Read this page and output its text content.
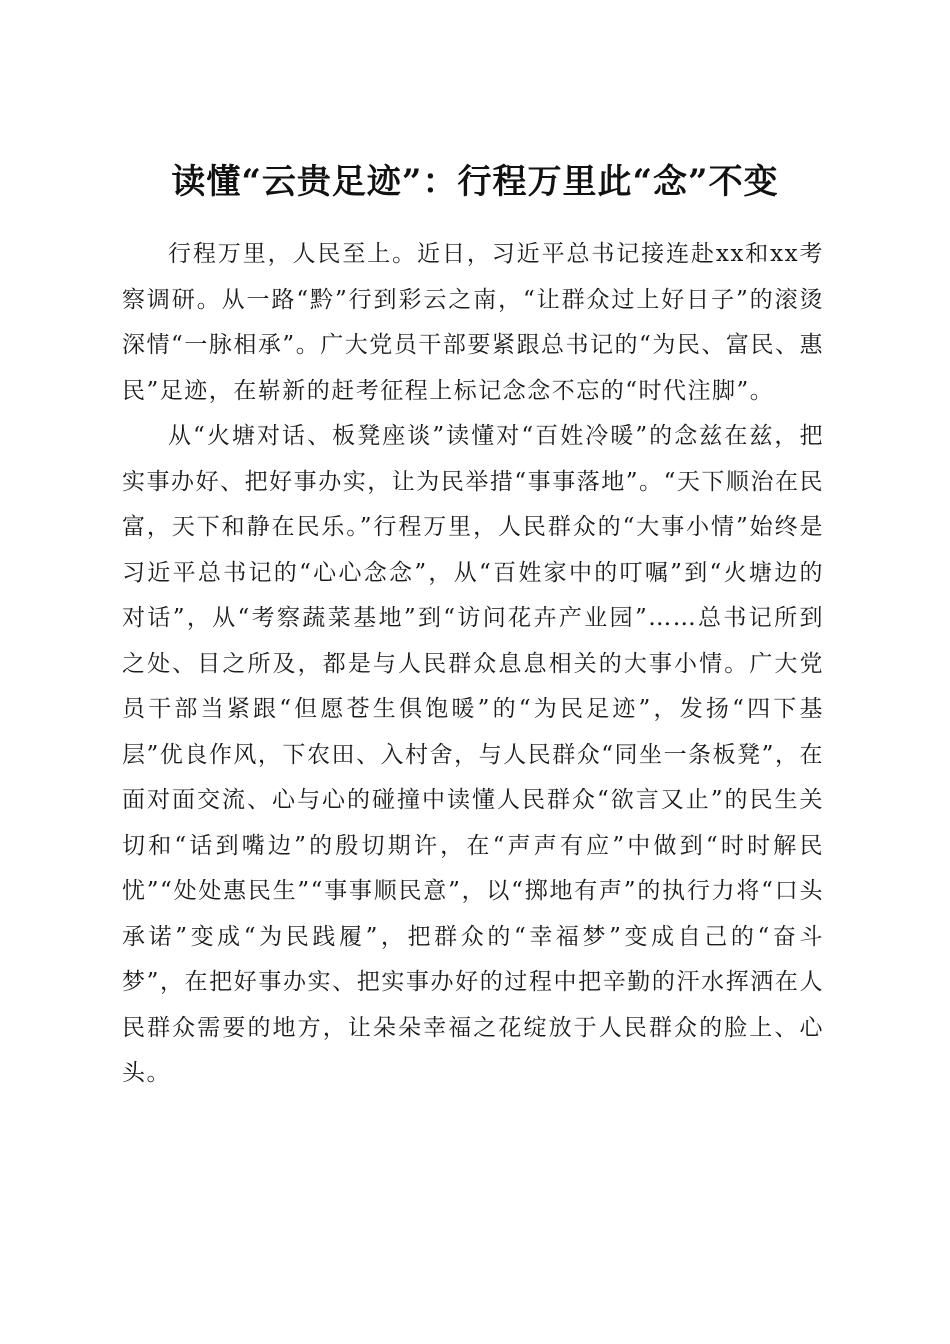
读懂“云贵足迹”：行程万里此“念”不变

行程万里，人民至上。近日，习近平总书记接连赴xx和xx考察调研。从一路“黔”行到彩云之南，“让群众过上好日子”的滚烫深情“一脉相承”。广大党员干部要紧跟总书记的“为民、富民、惠民”足迹，在崭新的赶考征程上标记念念不忘的“时代注脚”。

从“火塘对话、板凳座谈”读懂对“百姓冷暖”的念兹在兹，把实事办好、把好事办实，让为民举措“事事落地”。“天下顺治在民富，天下和静在民乐。”行程万里，人民群众的“大事小情”始终是习近平总书记的“心心念念”，从“百姓家中的叮嘱”到“火塘边的对话”，从“考察蔬菜基地”到“访问花卉产业园”……总书记所到之处、目之所及，都是与人民群众息息相关的大事小情。广大党员干部当紧跟“但愿苍生俱饱暖”的“为民足迹”，发扬“四下基层”优良作风，下农田、入村舍，与人民群众“同坐一条板凳”，在面对面交流、心与心的碰撞中读懂人民群众“欲言又止”的民生关切和“话到嘴边”的殷切期许，在“声声有应”中做到“时时解民忧”“处处惠民生”“事事顺民意”，以“掷地有声”的执行力将“口头承诺”变成“为民践履”，把群众的“幸福梦”变成自己的“奋斗梦”，在把好事办实、把实事办好的过程中把辛勤的汗水挥洒在人民群众需要的地方，让朵朵幸福之花绽放于人民群众的脸上、心头。
